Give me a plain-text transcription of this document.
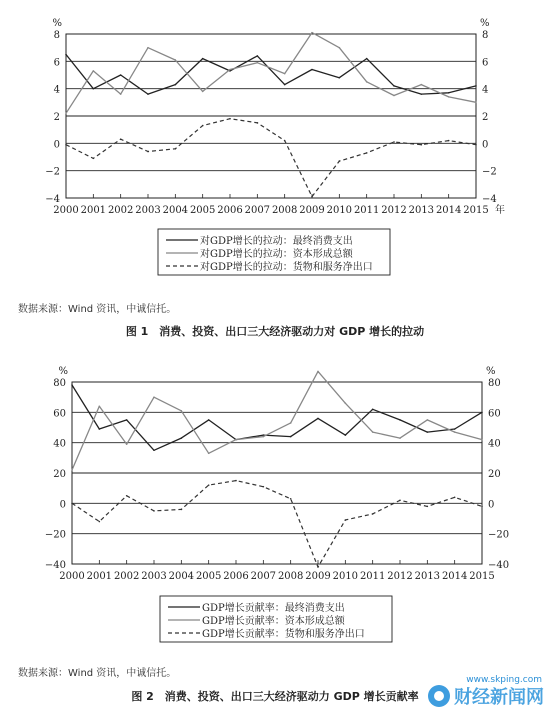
−4	−4
−2	−2
0	0
2	2
4	4
6	6
8	8
%	%
2000 2001 2002 2003 2004 2005 2006 2007 2008 2009 2010 2011 2012 2013 2014 2015 年
对GDP增长的拉动：最终消费支出
对GDP增长的拉动：资本形成总额
对GDP增长的拉动：货物和服务净出口
数据来源：Wind 资讯，中诚信托。
图 1　消费、投资、出口三大经济驱动力对 GDP 增长的拉动
−40	−40
−20	−20
0	0
20	20
40	40
60	60
80	80
%	%
2000 2001 2002 2003 2004 2005 2006 2007 2008 2009 2010 2011 2012 2013 2014 2015
GDP增长贡献率：最终消费支出
GDP增长贡献率：资本形成总额
GDP增长贡献率：货物和服务净出口
数据来源：Wind 资讯，中诚信托。
图 2　消费、投资、出口三大经济驱动力 GDP 增长贡献率
www.skping.com
财经新闻网
